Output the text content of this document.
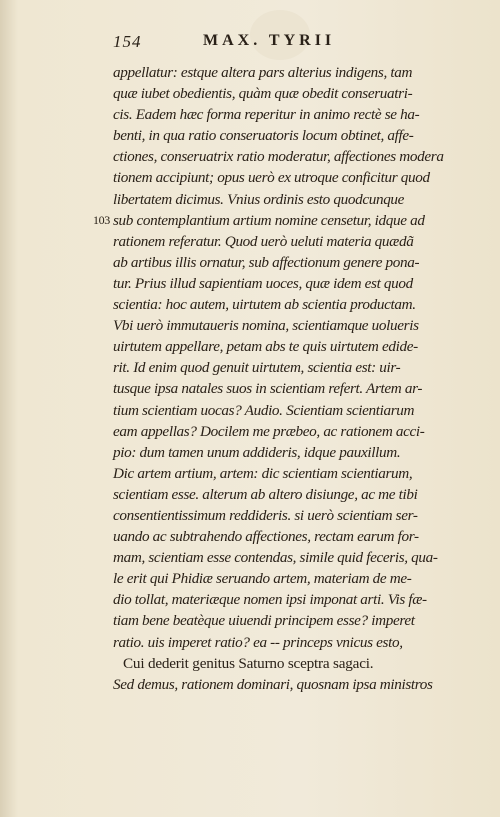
154	MAX. TYRII
appellatur: estque altera pars alterius indigens, tam
quæ iubet obedientis, quàm quæ obedit conseruatri-
cis. Eadem hæc forma reperitur in animo rectè se ha-
benti, in qua ratio conseruatoris locum obtinet, affe-
ctiones, conseruatrix ratio moderatur, affectiones modera
tionem accipiunt; opus uerò ex utroque conficitur quod
libertatem dicimus. Vnius ordinis esto quodcunque
103 sub contemplantium artium nomine censetur, idque ad
rationem referatur. Quod uerò ueluti materia quædã
ab artibus illis ornatur, sub affectionum genere pona-
tur. Prius illud sapientiam uoces, quæ idem est quod
scientia: hoc autem, uirtutem ab scientia productam.
Vbi uerò immutaueris nomina, scientiamque uolueris
uirtutem appellare, petam abs te quis uirtutem edide-
rit. Id enim quod genuit uirtutem, scientia est: uir-
tusque ipsa natales suos in scientiam refert. Artem ar-
tium scientiam uocas? Audio. Scientiam scientiarum
eam appellas? Docilem me præbeo, ac rationem acci-
pio: dum tamen unum addideris, idque pauxillum.
Dic artem artium, artem: dic scientiam scientiarum,
scientiam esse. alterum ab altero disiunge, ac me tibi
consentientissimum reddideris. si uerò scientiam ser-
uando ac subtrahendo affectiones, rectam earum for-
mam, scientiam esse contendas, simile quid feceris, qua-
le erit qui Phidiæ seruando artem, materiam de me-
dio tollat, materiæque nomen ipsi imponat arti. Vis fæ-
tiam bene beatèque uiuendi principem esse? imperet
ratio. uis imperet ratio? ea -- princeps vnicus esto,
Cui dederit genitus Saturno sceptra sagaci.
Sed demus, rationem dominari, quosnam ipsa ministros
